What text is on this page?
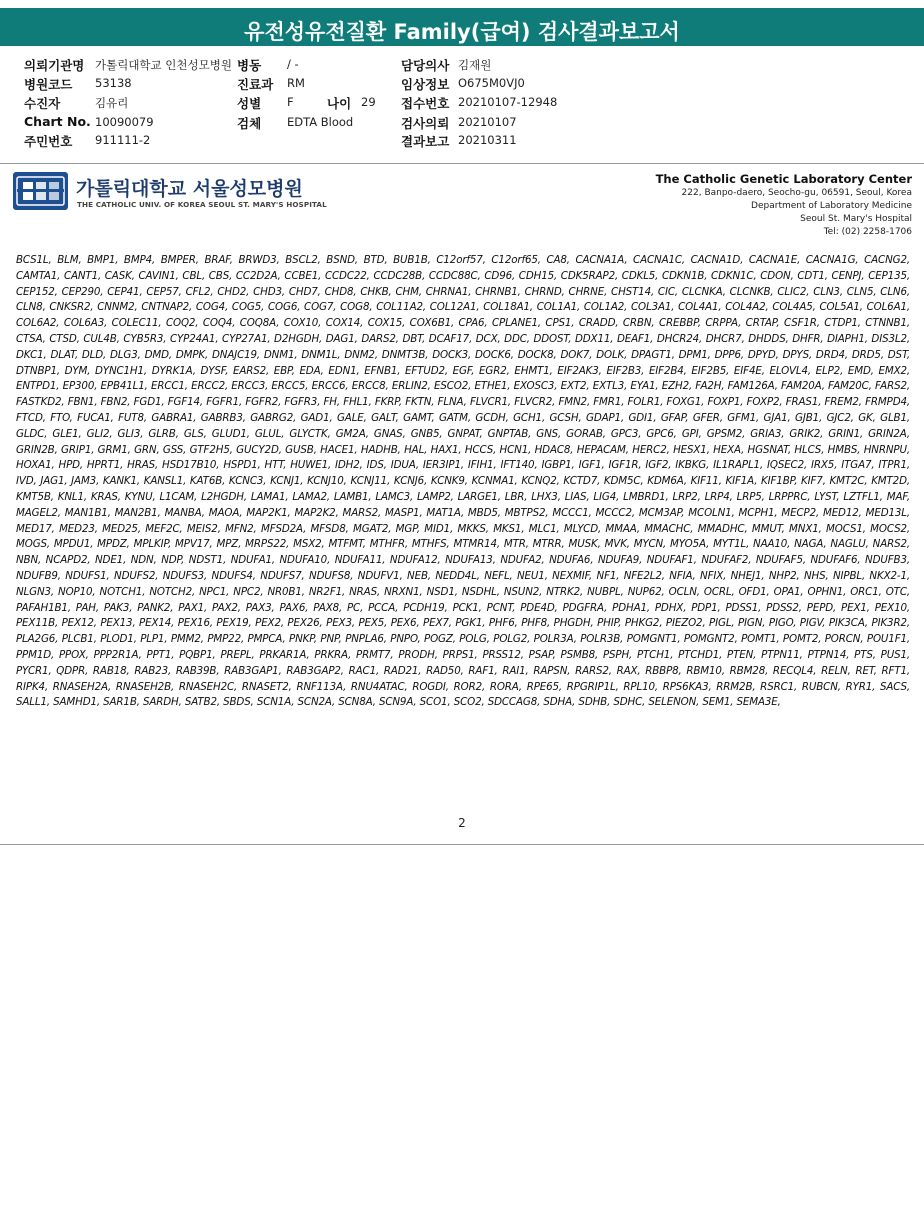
유전성유전질환 Family(급여) 검사결과보고서
의뢰기관명 가톨릭대학교 인천성모병원
병원코드 53138
수진자	김유리
Chart No. 10090079
주민번호 911111-2
병동 / -
진료과 RM
성별 F	나이 29
검체 EDTA Blood
담당의사 김재원
임상정보 O675M0VJ0
접수번호 20210107-12948
검사의뢰 20210107
결과보고 20210311
가톨릭대학교 서울성모병원
THE CATHOLIC UNIV. OF KOREA SEOUL ST. MARY'S HOSPITAL
The Catholic Genetic Laboratory Center
222, Banpo-daero, Seocho-gu, 06591, Seoul, Korea
Department of Laboratory Medicine
Seoul St. Mary's Hospital
Tel: (02) 2258-1706
BCS1L, BLM, BMP1, BMP4, BMPER, BRAF, BRWD3, BSCL2, BSND, BTD, BUB1B, C12orf57, C12orf65, CA8, CACNA1A, CACNA1C, CACNA1D, CACNA1E, CACNA1G, CACNG2, CAMTA1, CANT1, CASK, CAVIN1, CBL, CBS, CC2D2A, CCBE1, CCDC22, CCDC28B, CCDC88C, CD96, CDH15, CDK5RAP2, CDKL5, CDKN1B, CDKN1C, CDON, CDT1, CENPJ, CEP135, CEP152, CEP290, CEP41, CEP57, CFL2, CHD2, CHD3, CHD7, CHD8, CHKB, CHM, CHRNA1, CHRNB1, CHRND, CHRNE, CHST14, CIC, CLCNKA, CLCNKB, CLIC2, CLN3, CLN5, CLN6, CLN8, CNKSR2, CNNM2, CNTNAP2, COG4, COG5, COG6, COG7, COG8, COL11A2, COL12A1, COL18A1, COL1A1, COL1A2, COL3A1, COL4A1, COL4A2, COL4A5, COL5A1, COL6A1, COL6A2, COL6A3, COLEC11, COQ2, COQ4, COQ8A, COX10, COX14, COX15, COX6B1, CPA6, CPLANE1, CPS1, CRADD, CRBN, CREBBP, CRPPA, CRTAP, CSF1R, CTDP1, CTNNB1, CTSA, CTSD, CUL4B, CYB5R3, CYP24A1, CYP27A1, D2HGDH, DAG1, DARS2, DBT, DCAF17, DCX, DDC, DDOST, DDX11, DEAF1, DHCR24, DHCR7, DHDDS, DHFR, DIAPH1, DIS3L2, DKC1, DLAT, DLD, DLG3, DMD, DMPK, DNAJC19, DNM1, DNM1L, DNM2, DNMT3B, DOCK3, DOCK6, DOCK8, DOK7, DOLK, DPAGT1, DPM1, DPP6, DPYD, DPYS, DRD4, DRD5, DST, DTNBP1, DYM, DYNC1H1, DYRK1A, DYSF, EARS2, EBP, EDA, EDN1, EFNB1, EFTUD2, EGF, EGR2, EHMT1, EIF2AK3, EIF2B3, EIF2B4, EIF2B5, EIF4E, ELOVL4, ELP2, EMD, EMX2, ENTPD1, EP300, EPB41L1, ERCC1, ERCC2, ERCC3, ERCC5, ERCC6, ERCC8, ERLIN2, ESCO2, ETHE1, EXOSC3, EXT2, EXTL3, EYA1, EZH2, FA2H, FAM126A, FAM20A, FAM20C, FARS2, FASTKD2, FBN1, FBN2, FGD1, FGF14, FGFR1, FGFR2, FGFR3, FH, FHL1, FKRP, FKTN, FLNA, FLVCR1, FLVCR2, FMN2, FMR1, FOLR1, FOXG1, FOXP1, FOXP2, FRAS1, FREM2, FRMPD4, FTCD, FTO, FUCA1, FUT8, GABRA1, GABRB3, GABRG2, GAD1, GALE, GALT, GAMT, GATM, GCDH, GCH1, GCSH, GDAP1, GDI1, GFAP, GFER, GFM1, GJA1, GJB1, GJC2, GK, GLB1, GLDC, GLE1, GLI2, GLI3, GLRB, GLS, GLUD1, GLUL, GLYCTK, GM2A, GNAS, GNB5, GNPAT, GNPTAB, GNS, GORAB, GPC3, GPC6, GPI, GPSM2, GRIA3, GRIK2, GRIN1, GRIN2A, GRIN2B, GRIP1, GRM1, GRN, GSS, GTF2H5, GUCY2D, GUSB, HACE1, HADHB, HAL, HAX1, HCCS, HCN1, HDAC8, HEPACAM, HERC2, HESX1, HEXA, HGSNAT, HLCS, HMBS, HNRNPU, HOXA1, HPD, HPRT1, HRAS, HSD17B10, HSPD1, HTT, HUWE1, IDH2, IDS, IDUA, IER3IP1, IFIH1, IFT140, IGBP1, IGF1, IGF1R, IGF2, IKBKG, IL1RAPL1, IQSEC2, IRX5, ITGA7, ITPR1, IVD, JAG1, JAM3, KANK1, KANSL1, KAT6B, KCNC3, KCNJ1, KCNJ10, KCNJ11, KCNJ6, KCNK9, KCNMA1, KCNQ2, KCTD7, KDM5C, KDM6A, KIF11, KIF1A, KIF1BP, KIF7, KMT2C, KMT2D, KMT5B, KNL1, KRAS, KYNU, L1CAM, L2HGDH, LAMA1, LAMA2, LAMB1, LAMC3, LAMP2, LARGE1, LBR, LHX3, LIAS, LIG4, LMBRD1, LRP2, LRP4, LRP5, LRPPRC, LYST, LZTFL1, MAF, MAGEL2, MAN1B1, MAN2B1, MANBA, MAOA, MAP2K1, MAP2K2, MARS2, MASP1, MAT1A, MBD5, MBTPS2, MCCC1, MCCC2, MCM3AP, MCOLN1, MCPH1, MECP2, MED12, MED13L, MED17, MED23, MED25, MEF2C, MEIS2, MFN2, MFSD2A, MFSD8, MGAT2, MGP, MID1, MKKS, MKS1, MLC1, MLYCD, MMAA, MMACHC, MMADHC, MMUT, MNX1, MOCS1, MOCS2, MOGS, MPDU1, MPDZ, MPLKIP, MPV17, MPZ, MRPS22, MSX2, MTFMT, MTHFR, MTHFS, MTMR14, MTR, MTRR, MUSK, MVK, MYCN, MYO5A, MYT1L, NAA10, NAGA, NAGLU, NARS2, NBN, NCAPD2, NDE1, NDN, NDP, NDST1, NDUFA1, NDUFA10, NDUFA11, NDUFA12, NDUFA13, NDUFA2, NDUFA6, NDUFA9, NDUFAF1, NDUFAF2, NDUFAF5, NDUFAF6, NDUFB3, NDUFB9, NDUFS1, NDUFS2, NDUFS3, NDUFS4, NDUFS7, NDUFS8, NDUFV1, NEB, NEDD4L, NEFL, NEU1, NEXMIF, NF1, NFE2L2, NFIA, NFIX, NHEJ1, NHP2, NHS, NIPBL, NKX2-1, NLGN3, NOP10, NOTCH1, NOTCH2, NPC1, NPC2, NR0B1, NR2F1, NRAS, NRXN1, NSD1, NSDHL, NSUN2, NTRK2, NUBPL, NUP62, OCLN, OCRL, OFD1, OPA1, OPHN1, ORC1, OTC, PAFAH1B1, PAH, PAK3, PANK2, PAX1, PAX2, PAX3, PAX6, PAX8, PC, PCCA, PCDH19, PCK1, PCNT, PDE4D, PDGFRA, PDHA1, PDHX, PDP1, PDSS1, PDSS2, PEPD, PEX1, PEX10, PEX11B, PEX12, PEX13, PEX14, PEX16, PEX19, PEX2, PEX26, PEX3, PEX5, PEX6, PEX7, PGK1, PHF6, PHF8, PHGDH, PHIP, PHKG2, PIEZO2, PIGL, PIGN, PIGO, PIGV, PIK3CA, PIK3R2, PLA2G6, PLCB1, PLOD1, PLP1, PMM2, PMP22, PMPCA, PNKP, PNP, PNPLA6, PNPO, POGZ, POLG, POLG2, POLR3A, POLR3B, POMGNT1, POMGNT2, POMT1, POMT2, PORCN, POU1F1, PPM1D, PPOX, PPP2R1A, PPT1, PQBP1, PREPL, PRKAR1A, PRKRA, PRMT7, PRODH, PRPS1, PRSS12, PSAP, PSMB8, PSPH, PTCH1, PTCHD1, PTEN, PTPN11, PTPN14, PTS, PUS1, PYCR1, QDPR, RAB18, RAB23, RAB39B, RAB3GAP1, RAB3GAP2, RAC1, RAD21, RAD50, RAF1, RAI1, RAPSN, RARS2, RAX, RBBP8, RBM10, RBM28, RECQL4, RELN, RET, RFT1, RIPK4, RNASEH2A, RNASEH2B, RNASEH2C, RNASET2, RNF113A, RNU4ATAC, ROGDI, ROR2, RORA, RPE65, RPGRIP1L, RPL10, RPS6KA3, RRM2B, RSRC1, RUBCN, RYR1, SACS, SALL1, SAMHD1, SAR1B, SARDH, SATB2, SBDS, SCN1A, SCN2A, SCN8A, SCN9A, SCO1, SCO2, SDCCAG8, SDHA, SDHB, SDHC, SELENON, SEM1, SEMA3E,
2
